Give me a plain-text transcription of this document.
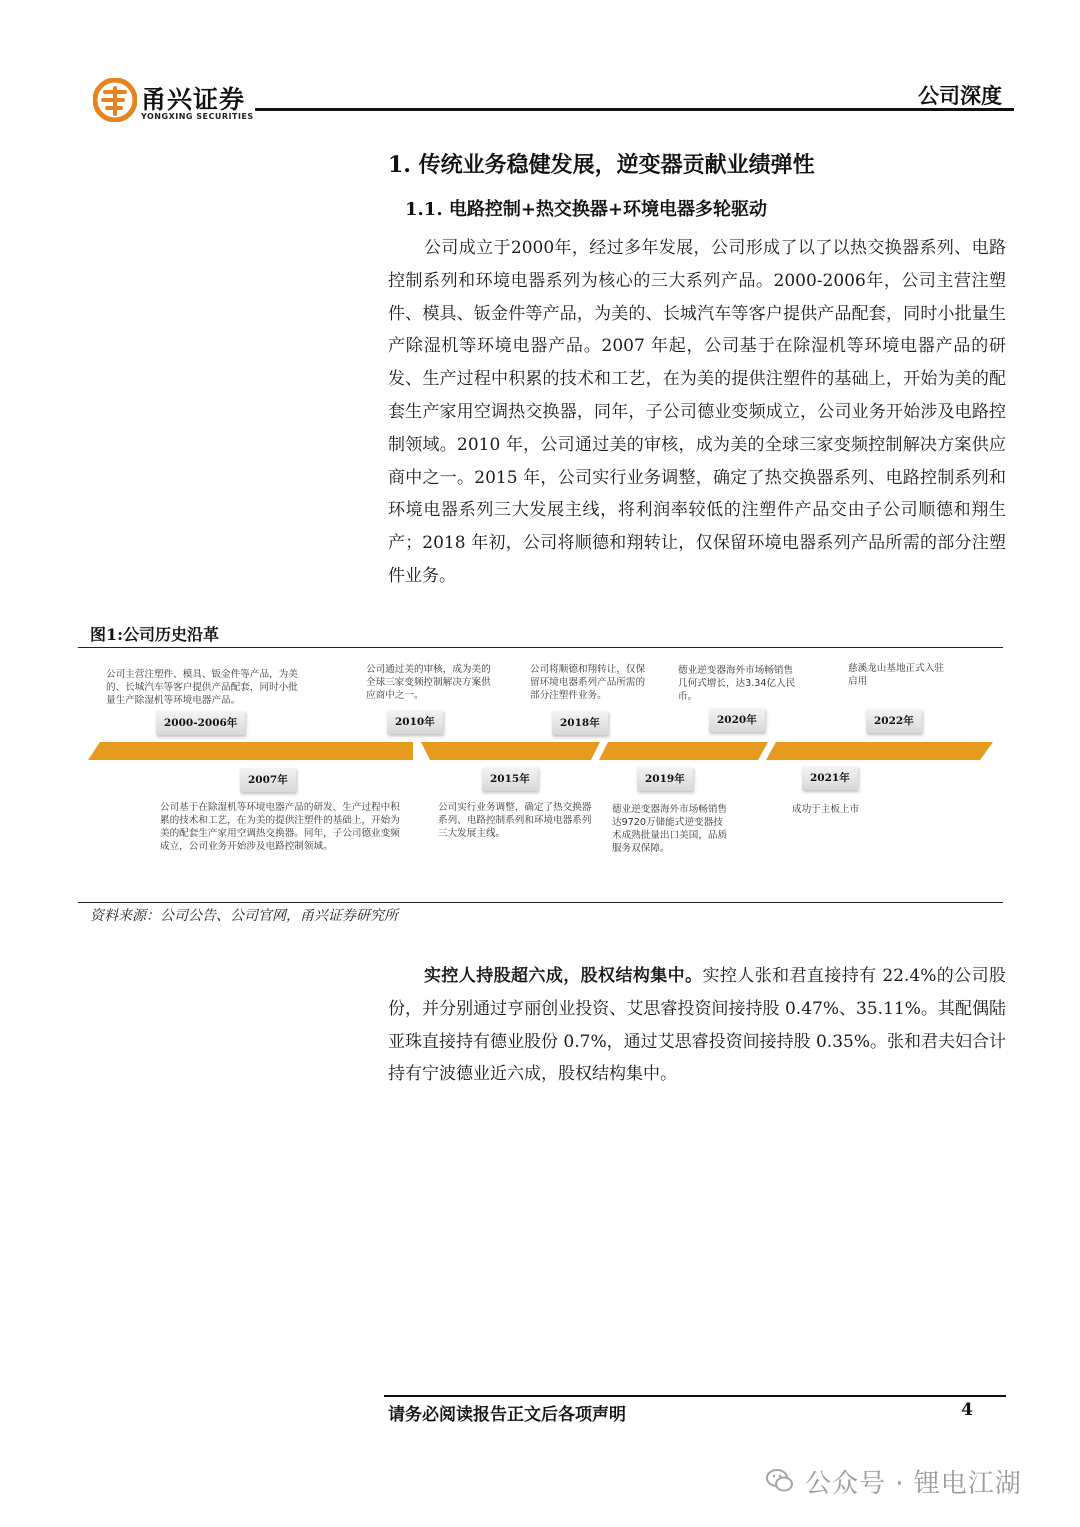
甬兴证券
YONGXING SECURITIES
公司深度
1. 传统业务稳健发展，逆变器贡献业绩弹性
1.1. 电路控制+热交换器+环境电器多轮驱动
公司成立于2000年，经过多年发展，公司形成了以了以热交换器系列、电路控制系列和环境电器系列为核心的三大系列产品。2000-2006年，公司主营注塑件、模具、钣金件等产品，为美的、长城汽车等客户提供产品配套，同时小批量生产除湿机等环境电器产品。2007 年起，公司基于在除湿机等环境电器产品的研发、生产过程中积累的技术和工艺，在为美的提供注塑件的基础上，开始为美的配套生产家用空调热交换器，同年，子公司德业变频成立，公司业务开始涉及电路控制领域。2010 年，公司通过美的审核，成为美的全球三家变频控制解决方案供应商中之一。2015 年，公司实行业务调整，确定了热交换器系列、电路控制系列和环境电器系列三大发展主线，将利润率较低的注塑件产品交由子公司顺德和翔生产；2018 年初，公司将顺德和翔转让，仅保留环境电器系列产品所需的部分注塑件业务。
图1:公司历史沿革
公司主营注塑件、模具、钣金件等产品，为美的、长城汽车等客户提供产品配套，同时小批量生产除湿机等环境电器产品。
公司通过美的审核，成为美的全球三家变频控制解决方案供应商中之一。
公司将顺德和翔转让，仅保留环境电器系列产品所需的部分注塑件业务。
德业逆变器海外市场畅销售几何式增长，达3.34亿人民币。
慈溪龙山基地正式入驻启用
2000-2006年	2010年	2018年	2020年	2022年
2007年	2015年	2019年	2021年
公司基于在除湿机等环境电器产品的研发、生产过程中积累的技术和工艺，在为美的提供注塑件的基础上，开始为美的配套生产家用空调热交换器。同年，子公司德业变频成立，公司业务开始涉及电路控制领域。
公司实行业务调整，确定了热交换器系列、电路控制系列和环境电器系列三大发展主线。
德业逆变器海外市场畅销售达9720万储能式逆变器技术成熟批量出口美国，品质服务双保障。
成功于主板上市
资料来源：公司公告、公司官网，甬兴证券研究所
实控人持股超六成，股权结构集中。实控人张和君直接持有 22.4%的公司股份，并分别通过亨丽创业投资、艾思睿投资间接持股 0.47%、35.11%。其配偶陆亚珠直接持有德业股份 0.7%，通过艾思睿投资间接持股 0.35%。张和君夫妇合计持有宁波德业近六成，股权结构集中。
请务必阅读报告正文后各项声明	4
公众号 · 锂电江湖
